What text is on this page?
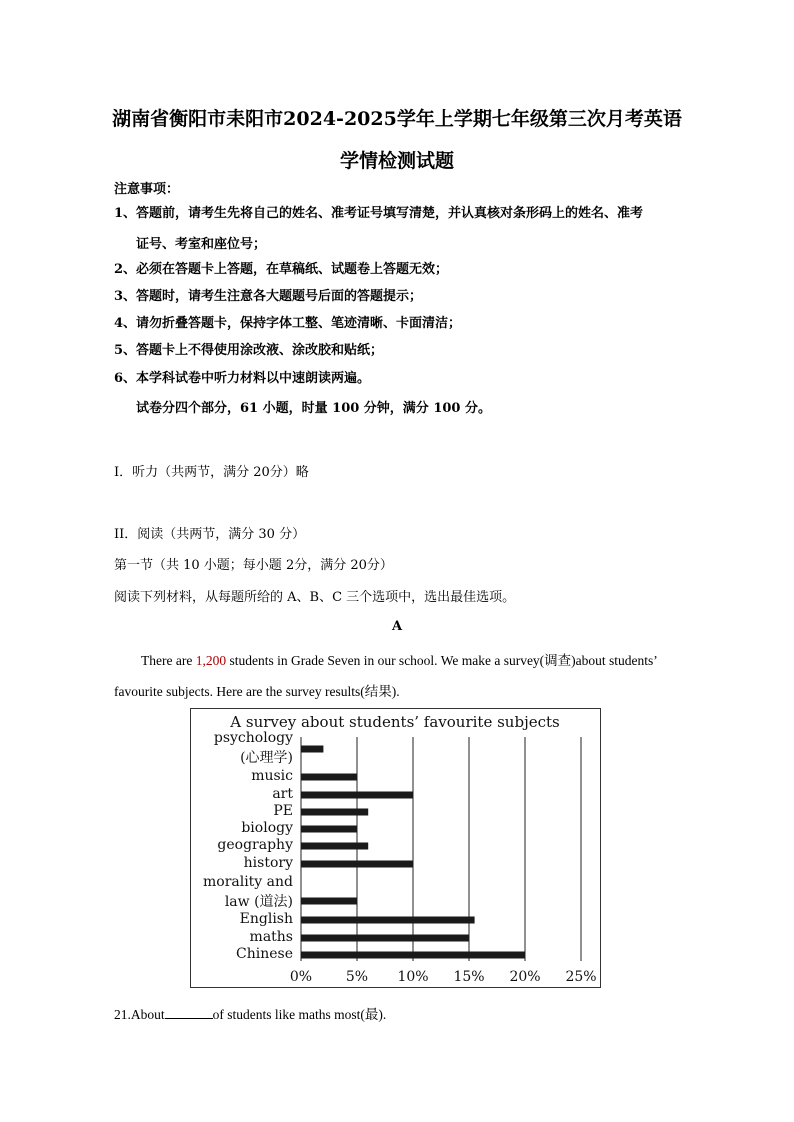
湖南省衡阳市耒阳市2024-2025学年上学期七年级第三次月考英语
学情检测试题
注意事项：
1、答题前，请考生先将自己的姓名、准考证号填写清楚，并认真核对条形码上的姓名、准考
证号、考室和座位号；
2、必须在答题卡上答题，在草稿纸、试题卷上答题无效；
3、答题时，请考生注意各大题题号后面的答题提示；
4、请勿折叠答题卡，保持字体工整、笔迹清晰、卡面清洁；
5、答题卡上不得使用涂改液、涂改胶和贴纸；
6、本学科试卷中听力材料以中速朗读两遍。
试卷分四个部分，61 小题，时量 100 分钟，满分 100 分。
I．听力（共两节，满分 20分）略
II．阅读（共两节，满分 30 分）
第一节（共 10 小题；每小题 2分，满分 20分）
阅读下列材料，从每题所给的 A、B、C 三个选项中，选出最佳选项。
A
There are 1,200 students in Grade Seven in our school. We make a survey(调查)about students’
favourite subjects. Here are the survey results(结果).
A survey about students’ favourite subjects
psychology
(心理学)
music
art
PE
biology
geography
history
morality and
law (道法)
English
maths
Chinese
0% 5% 10% 15% 20% 25%
21.About	of students like maths most(最).
